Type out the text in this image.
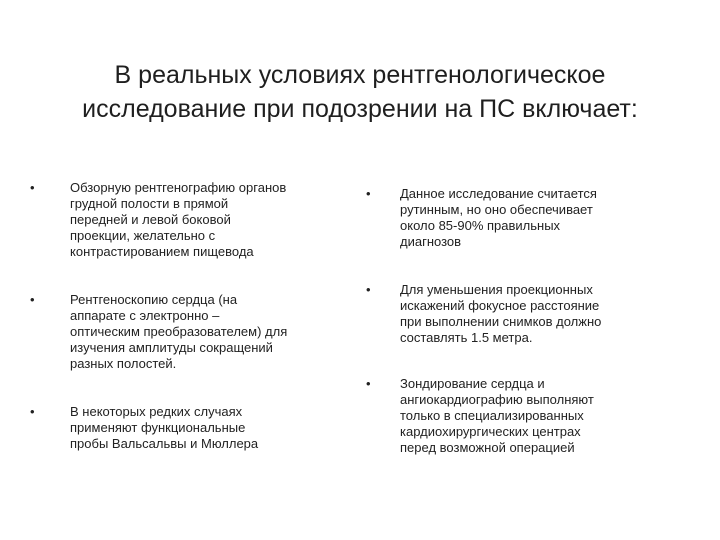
В реальных условиях рентгенологическое
исследование при подозрении на ПС включает:
•	Обзорную рентгенографию органов
грудной полости в прямой
передней и левой боковой
проекции, желательно с
контрастированием пищевода
•	Рентгеноскопию сердца (на
аппарате с электронно –
оптическим преобразователем) для
изучения амплитуды сокращений
разных полостей.
•	В некоторых редких случаях
применяют функциональные
пробы Вальсальвы и Мюллера
•	Данное исследование считается
рутинным, но оно обеспечивает
около 85-90% правильных
диагнозов
•	Для уменьшения проекционных
искажений фокусное расстояние
при выполнении снимков должно
составлять 1.5 метра.
•	Зондирование сердца и
ангиокардиографию выполняют
только в специализированных
кардиохирургических центрах
перед возможной операцией
